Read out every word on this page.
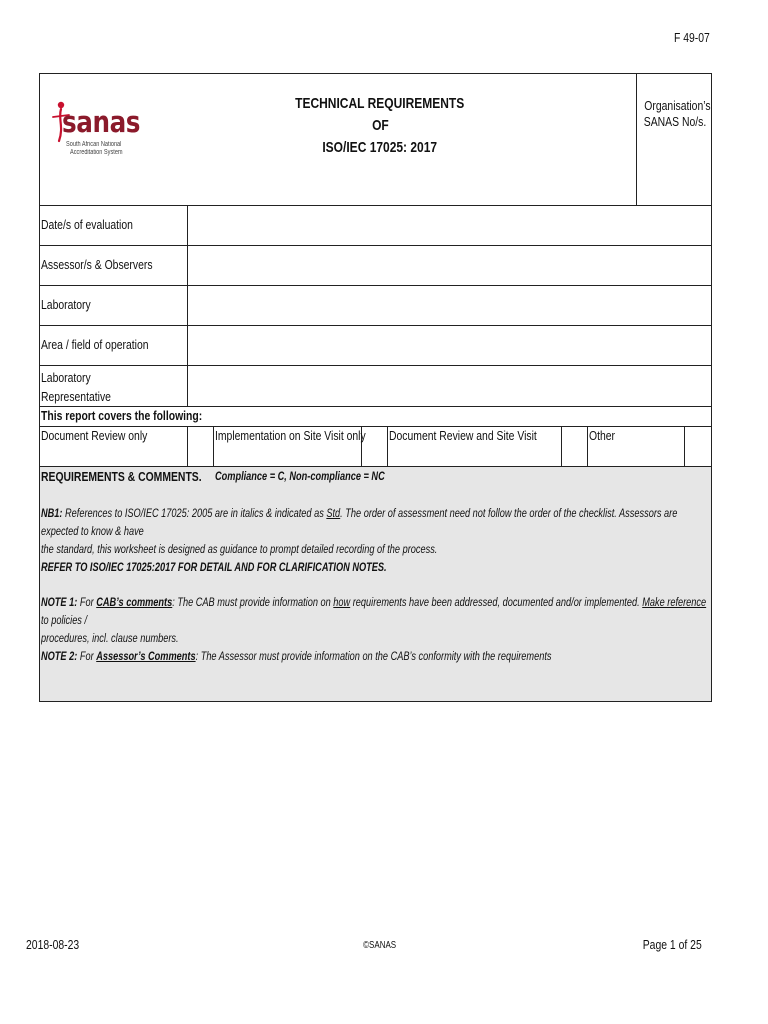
F 49-07
sanas
South African National
Accreditation System
TECHNICAL REQUIREMENTS
OF
ISO/IEC 17025: 2017
Organisation’s
SANAS No/s.
Date/s of evaluation
Assessor/s & Observers
Laboratory
Area / field of operation
Laboratory
Representative
This report covers the following:
Document Review only	Implementation on Site Visit only	Document Review and Site Visit	Other
REQUIREMENTS & COMMENTS.	Compliance = C, Non-compliance = NC
NB1: References to ISO/IEC 17025: 2005 are in italics & indicated as Std. The order of assessment need not follow the order of the checklist. Assessors are expected to know & have
the standard, this worksheet is designed as guidance to prompt detailed recording of the process.
REFER TO ISO/IEC 17025:2017 FOR DETAIL AND FOR CLARIFICATION NOTES.
NOTE 1: For CAB’s comments: The CAB must provide information on how requirements have been addressed, documented and/or implemented. Make reference to policies /
procedures, incl. clause numbers.
NOTE 2: For Assessor’s Comments: The Assessor must provide information on the CAB’s conformity with the requirements
2018-08-23	©SANAS	Page 1 of 25
